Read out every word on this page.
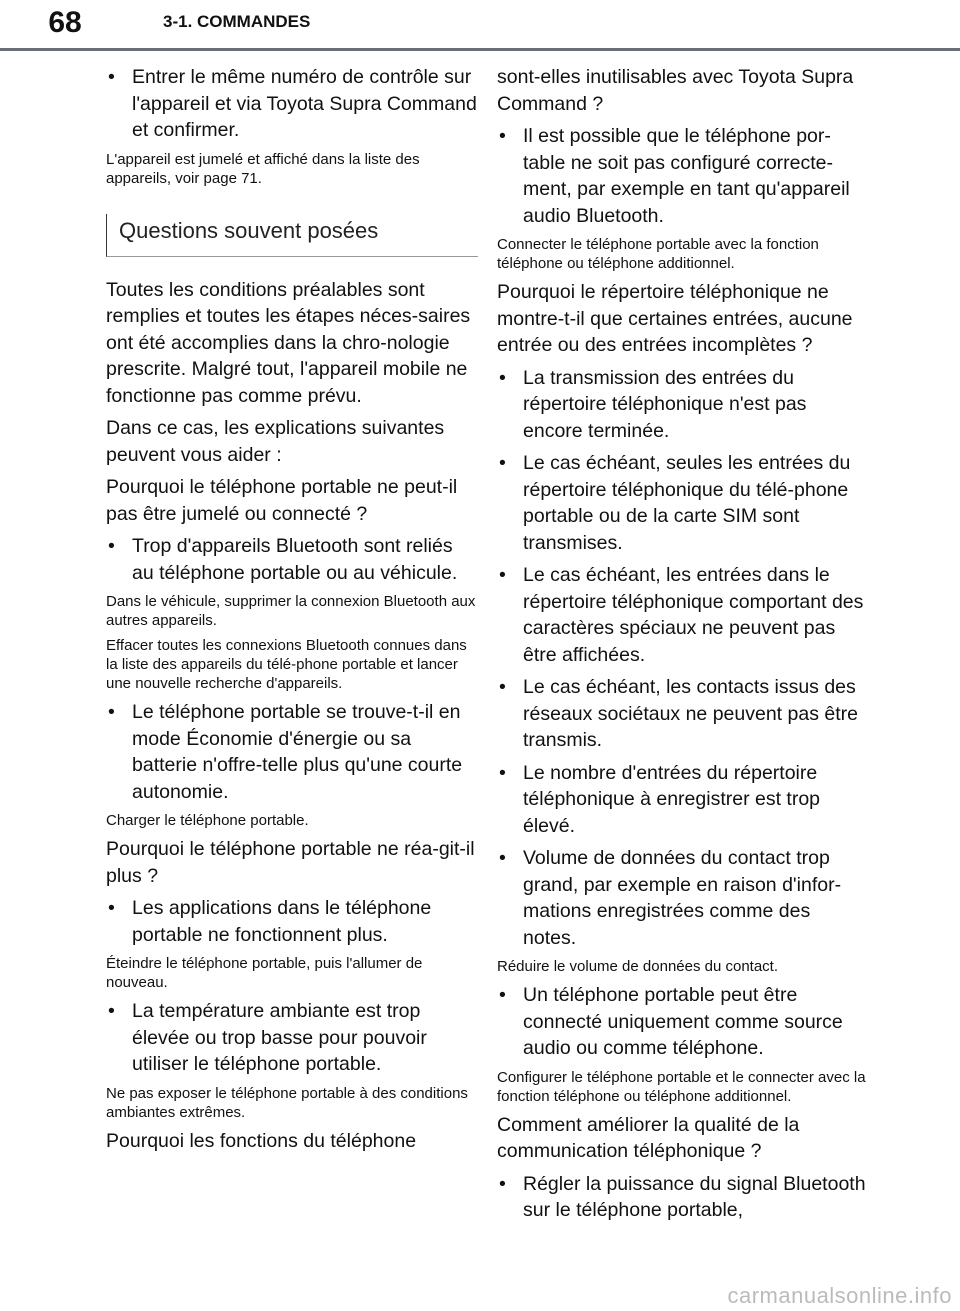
68	3-1. COMMANDES
• Entrer le même numéro de contrôle sur l'appareil et via Toyota Supra Command et confirmer.
L'appareil est jumelé et affiché dans la liste des appareils, voir page 71.
Questions souvent posées
Toutes les conditions préalables sont remplies et toutes les étapes néces-saires ont été accomplies dans la chro-nologie prescrite. Malgré tout, l'appareil mobile ne fonctionne pas comme prévu.
Dans ce cas, les explications suivantes peuvent vous aider :
Pourquoi le téléphone portable ne peut-il pas être jumelé ou connecté ?
• Trop d'appareils Bluetooth sont reliés au téléphone portable ou au véhicule.
Dans le véhicule, supprimer la connexion Bluetooth aux autres appareils.
Effacer toutes les connexions Bluetooth connues dans la liste des appareils du télé-phone portable et lancer une nouvelle recherche d'appareils.
• Le téléphone portable se trouve-t-il en mode Économie d'énergie ou sa batterie n'offre-telle plus qu'une courte autonomie.
Charger le téléphone portable.
Pourquoi le téléphone portable ne réa-git-il plus ?
• Les applications dans le téléphone portable ne fonctionnent plus.
Éteindre le téléphone portable, puis l'allumer de nouveau.
• La température ambiante est trop élevée ou trop basse pour pouvoir utiliser le téléphone portable.
Ne pas exposer le téléphone portable à des conditions ambiantes extrêmes.
Pourquoi les fonctions du téléphone
sont-elles inutilisables avec Toyota Supra Command ?
• Il est possible que le téléphone por-table ne soit pas configuré correcte-ment, par exemple en tant qu'appareil audio Bluetooth.
Connecter le téléphone portable avec la fonction téléphone ou téléphone additionnel.
Pourquoi le répertoire téléphonique ne montre-t-il que certaines entrées, aucune entrée ou des entrées incomplètes ?
• La transmission des entrées du répertoire téléphonique n'est pas encore terminée.
• Le cas échéant, seules les entrées du répertoire téléphonique du télé-phone portable ou de la carte SIM sont transmises.
• Le cas échéant, les entrées dans le répertoire téléphonique comportant des caractères spéciaux ne peuvent pas être affichées.
• Le cas échéant, les contacts issus des réseaux sociétaux ne peuvent pas être transmis.
• Le nombre d'entrées du répertoire téléphonique à enregistrer est trop élevé.
• Volume de données du contact trop grand, par exemple en raison d'infor-mations enregistrées comme des notes.
Réduire le volume de données du contact.
• Un téléphone portable peut être connecté uniquement comme source audio ou comme téléphone.
Configurer le téléphone portable et le connecter avec la fonction téléphone ou téléphone additionnel.
Comment améliorer la qualité de la communication téléphonique ?
• Régler la puissance du signal Bluetooth sur le téléphone portable,
carmanualsonline.info
